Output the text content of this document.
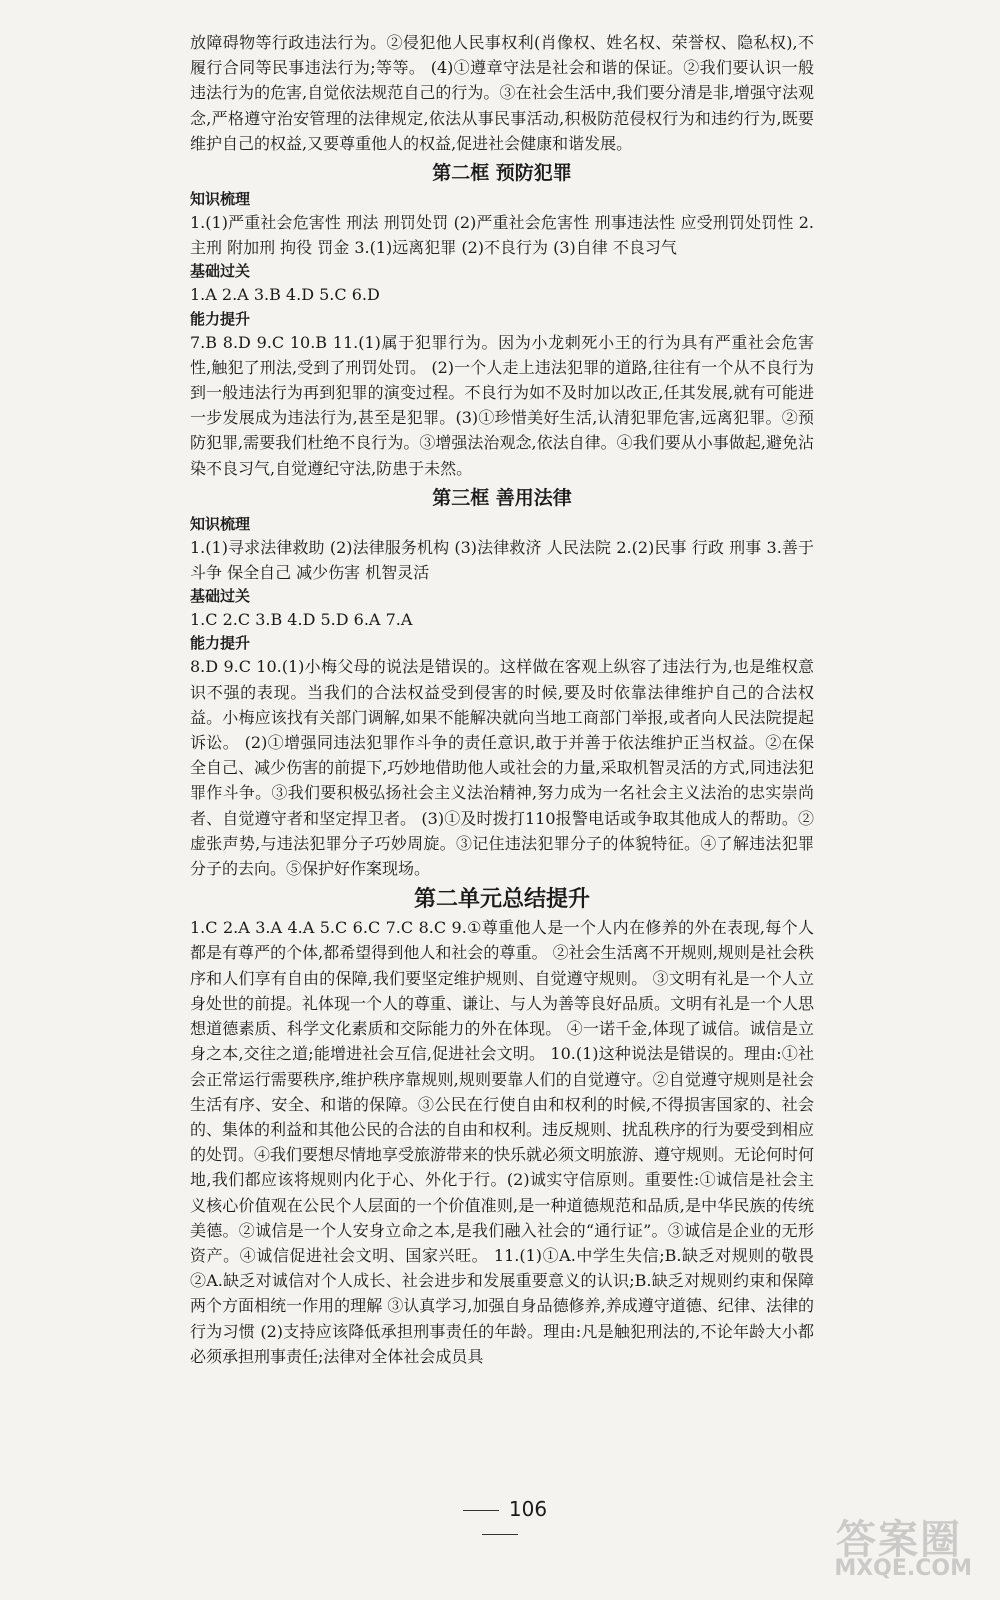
放障碍物等行政违法行为。②侵犯他人民事权利(肖像权、姓名权、荣誉权、隐私权),不履行合同等民事违法行为;等等。 (4)①遵章守法是社会和谐的保证。②我们要认识一般违法行为的危害,自觉依法规范自己的行为。③在社会生活中,我们要分清是非,增强守法观念,严格遵守治安管理的法律规定,依法从事民事活动,积极防范侵权行为和违约行为,既要维护自己的权益,又要尊重他人的权益,促进社会健康和谐发展。

第二框 预防犯罪
知识梳理

1.(1)严重社会危害性 刑法 刑罚处罚 (2)严重社会危害性 刑事违法性 应受刑罚处罚性 2.主刑 附加刑 拘役 罚金 3.(1)远离犯罪 (2)不良行为 (3)自律 不良习气

基础过关

1.A 2.A 3.B 4.D 5.C 6.D

能力提升

7.B 8.D 9.C 10.B 11.(1)属于犯罪行为。因为小龙刺死小王的行为具有严重社会危害性,触犯了刑法,受到了刑罚处罚。 (2)一个人走上违法犯罪的道路,往往有一个从不良行为到一般违法行为再到犯罪的演变过程。不良行为如不及时加以改正,任其发展,就有可能进一步发展成为违法行为,甚至是犯罪。(3)①珍惜美好生活,认清犯罪危害,远离犯罪。②预防犯罪,需要我们杜绝不良行为。③增强法治观念,依法自律。④我们要从小事做起,避免沾染不良习气,自觉遵纪守法,防患于未然。

第三框 善用法律
知识梳理

1.(1)寻求法律救助 (2)法律服务机构 (3)法律救济 人民法院 2.(2)民事 行政 刑事 3.善于斗争 保全自己 减少伤害 机智灵活

基础过关

1.C 2.C 3.B 4.D 5.D 6.A 7.A

能力提升

8.D 9.C 10.(1)小梅父母的说法是错误的。这样做在客观上纵容了违法行为,也是维权意识不强的表现。当我们的合法权益受到侵害的时候,要及时依靠法律维护自己的合法权益。小梅应该找有关部门调解,如果不能解决就向当地工商部门举报,或者向人民法院提起诉讼。 (2)①增强同违法犯罪作斗争的责任意识,敢于并善于依法维护正当权益。②在保全自己、减少伤害的前提下,巧妙地借助他人或社会的力量,采取机智灵活的方式,同违法犯罪作斗争。③我们要积极弘扬社会主义法治精神,努力成为一名社会主义法治的忠实崇尚者、自觉遵守者和坚定捍卫者。 (3)①及时拨打110报警电话或争取其他成人的帮助。②虚张声势,与违法犯罪分子巧妙周旋。③记住违法犯罪分子的体貌特征。④了解违法犯罪分子的去向。⑤保护好作案现场。

第二单元总结提升

1.C 2.A 3.A 4.A 5.C 6.C 7.C 8.C 9.①尊重他人是一个人内在修养的外在表现,每个人都是有尊严的个体,都希望得到他人和社会的尊重。 ②社会生活离不开规则,规则是社会秩序和人们享有自由的保障,我们要坚定维护规则、自觉遵守规则。 ③文明有礼是一个人立身处世的前提。礼体现一个人的尊重、谦让、与人为善等良好品质。文明有礼是一个人思想道德素质、科学文化素质和交际能力的外在体现。 ④一诺千金,体现了诚信。诚信是立身之本,交往之道;能增进社会互信,促进社会文明。 10.(1)这种说法是错误的。理由:①社会正常运行需要秩序,维护秩序靠规则,规则要靠人们的自觉遵守。②自觉遵守规则是社会生活有序、安全、和谐的保障。③公民在行使自由和权利的时候,不得损害国家的、社会的、集体的利益和其他公民的合法的自由和权利。违反规则、扰乱秩序的行为要受到相应的处罚。④我们要想尽情地享受旅游带来的快乐就必须文明旅游、遵守规则。无论何时何地,我们都应该将规则内化于心、外化于行。(2)诚实守信原则。重要性:①诚信是社会主义核心价值观在公民个人层面的一个价值准则,是一种道德规范和品质,是中华民族的传统美德。②诚信是一个人安身立命之本,是我们融入社会的“通行证”。③诚信是企业的无形资产。④诚信促进社会文明、国家兴旺。 11.(1)①A.中学生失信;B.缺乏对规则的敬畏 ②A.缺乏对诚信对个人成长、社会进步和发展重要意义的认识;B.缺乏对规则约束和保障两个方面相统一作用的理解 ③认真学习,加强自身品德修养,养成遵守道德、纪律、法律的行为习惯 (2)支持应该降低承担刑事责任的年龄。理由:凡是触犯刑法的,不论年龄大小都必须承担刑事责任;法律对全体社会成员具

106
答案圈
MXQE.COM
